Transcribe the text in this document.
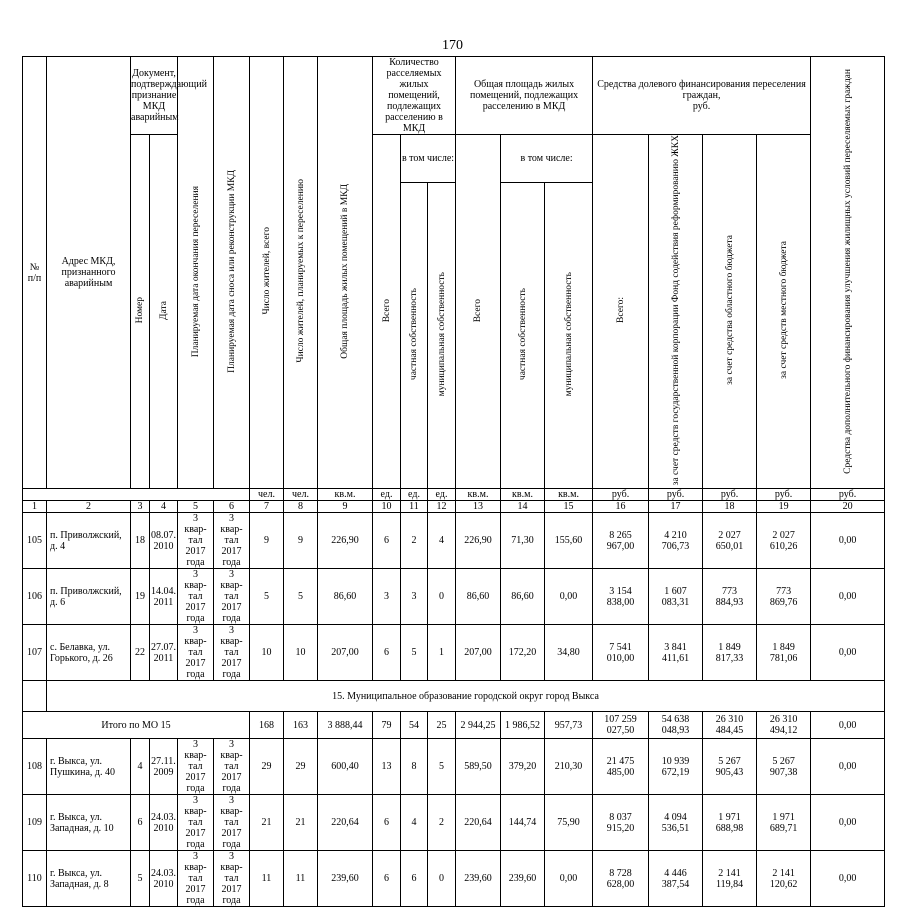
170
№
п/п	Адрес МКД, признанного аварийным	Документ, подтверждающий признание МКД аварийным		Планируемая дата окончания переселения	Планируемая дата сноса или реконструкции МКД	Число жителей, всего	Число жителей, планируемых к переселению	Общая площадь жилых помещений в МКД	Количество расселяемых жилых помещений, подлежащих расселению в МКД			Общая площадь жилых помещений, подлежащих расселению в МКД			Средства долевого финансирования переселения граждан,
руб.				Средства дополнительного финансирования улучшения жилищных условий переселяемых граждан
		Номер	Дата						Всего	в том числе:		Всего	в том числе:		Всего:	за счет средств государственной корпорации Фонд содействия реформированию ЖКХ	за счет средства областного бюджета	за счет средств местного бюджета	
										частная собственность	муниципальная собственность		частная собственность	муниципальная собственность					
						чел.	чел.	кв.м.	ед.	ед.	ед.	кв.м.	кв.м.	кв.м.	руб.	руб.	руб.	руб.	руб.
1	2	3	4	5	6	7	8	9	10	11	12	13	14	15	16	17	18	19	20
105	п. Приволжский, д. 4	18	08.07.
2010	3
квар-
тал
2017
года	3
квар-
тал
2017
года	9	9	226,90	6	2	4	226,90	71,30	155,60	8 265
967,00	4 210
706,73	2 027
650,01	2 027
610,26	0,00
106	п. Приволжский, д. 6	19	14.04.
2011	3
квар-
тал
2017
года	3
квар-
тал
2017
года	5	5	86,60	3	3	0	86,60	86,60	0,00	3 154
838,00	1 607
083,31	773
884,93	773
869,76	0,00
107	с. Белавка, ул. Горького, д. 26	22	27.07.
2011	3
квар-
тал
2017
года	3
квар-
тал
2017
года	10	10	207,00	6	5	1	207,00	172,20	34,80	7 541
010,00	3 841
411,61	1 849
817,33	1 849
781,06	0,00
	15. Муниципальное образование городской округ город Выкса																		
Итого по МО 15						168	163	3 888,44	79	54	25	2 944,25	1 986,52	957,73	107 259
027,50	54 638
048,93	26 310
484,45	26 310
494,12	0,00
108	г. Выкса, ул. Пушкина, д. 40	4	27.11.
2009	3
квар-
тал
2017
года	3
квар-
тал
2017
года	29	29	600,40	13	8	5	589,50	379,20	210,30	21 475
485,00	10 939
672,19	5 267
905,43	5 267
907,38	0,00
109	г. Выкса, ул. Западная, д. 10	6	24.03.
2010	3
квар-
тал
2017
года	3
квар-
тал
2017
года	21	21	220,64	6	4	2	220,64	144,74	75,90	8 037
915,20	4 094
536,51	1 971
688,98	1 971
689,71	0,00
110	г. Выкса, ул. Западная, д. 8	5	24.03.
2010	3
квар-
тал
2017
года	3
квар-
тал
2017
года	11	11	239,60	6	6	0	239,60	239,60	0,00	8 728
628,00	4 446
387,54	2 141
119,84	2 141
120,62	0,00
